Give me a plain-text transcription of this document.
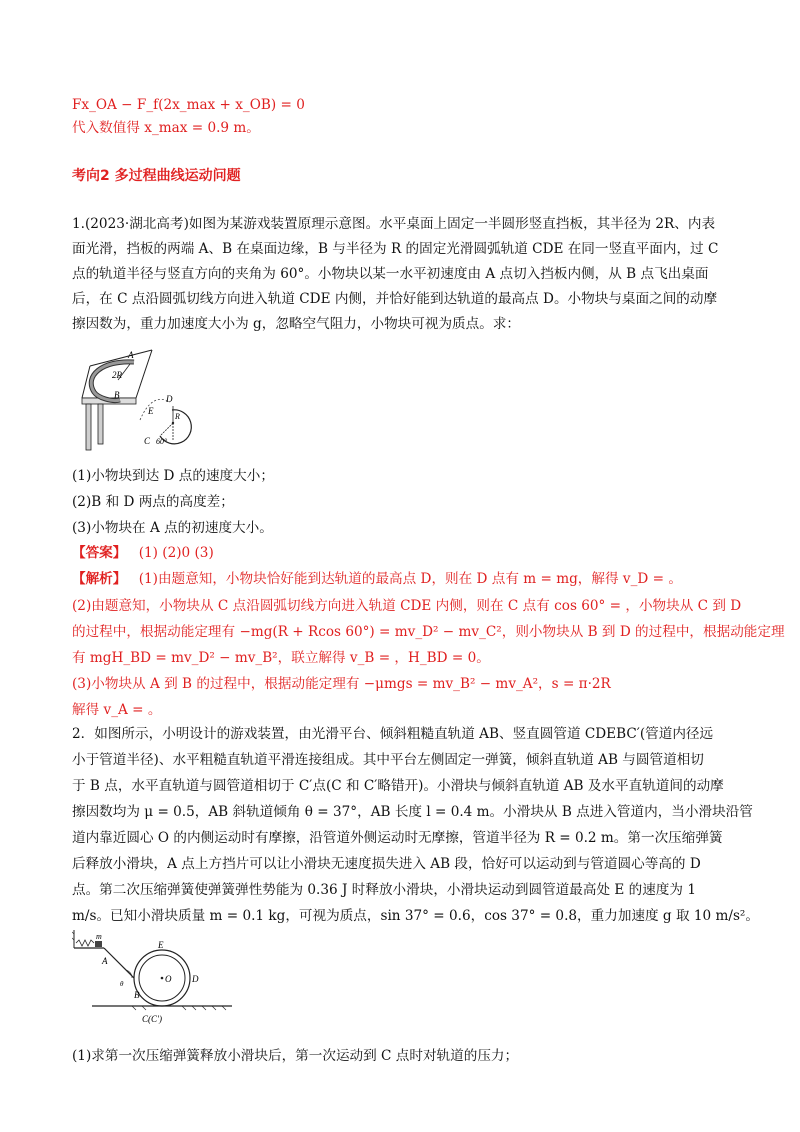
Fx_OA − F_f(2x_max + x_OB) = 0
代入数值得 x_max = 0.9 m。
考向2 多过程曲线运动问题
1.(2023·湖北高考)如图为某游戏装置原理示意图。水平桌面上固定一半圆形竖直挡板，其半径为 2R、内表
面光滑，挡板的两端 A、B 在桌面边缘，B 与半径为 R 的固定光滑圆弧轨道 CDE 在同一竖直平面内，过 C
点的轨道半径与竖直方向的夹角为 60°。小物块以某一水平初速度由 A 点切入挡板内侧，从 B 点飞出桌面
后，在 C 点沿圆弧切线方向进入轨道 CDE 内侧，并恰好能到达轨道的最高点 D。小物块与桌面之间的动摩
擦因数为，重力加速度大小为 g，忽略空气阻力，小物块可视为质点。求：
A
2R
B	D
E
R
C 60°
(1)小物块到达 D 点的速度大小；
(2)B 和 D 两点的高度差；
(3)小物块在 A 点的初速度大小。
【答案】 (1) (2)0 (3)
【解析】 (1)由题意知，小物块恰好能到达轨道的最高点 D，则在 D 点有 m = mg，解得 v_D = 。
(2)由题意知，小物块从 C 点沿圆弧切线方向进入轨道 CDE 内侧，则在 C 点有 cos 60° = ，小物块从 C 到 D
的过程中，根据动能定理有 −mg(R + Rcos 60°) = mv_D² − mv_C²，则小物块从 B 到 D 的过程中，根据动能定理
有 mgH_BD = mv_D² − mv_B²，联立解得 v_B = ，H_BD = 0。
(3)小物块从 A 到 B 的过程中，根据动能定理有 −μmgs = mv_B² − mv_A²，s = π·2R
解得 v_A = 。
2．如图所示，小明设计的游戏装置，由光滑平台、倾斜粗糙直轨道 AB、竖直圆管道 CDEBC′(管道内径远
小于管道半径)、水平粗糙直轨道平滑连接组成。其中平台左侧固定一弹簧，倾斜直轨道 AB 与圆管道相切
于 B 点，水平直轨道与圆管道相切于 C′点(C 和 C′略错开)。小滑块与倾斜直轨道 AB 及水平直轨道间的动摩
擦因数均为 μ = 0.5，AB 斜轨道倾角 θ = 37°，AB 长度 l = 0.4 m。小滑块从 B 点进入管道内，当小滑块沿管
道内靠近圆心 O 的内侧运动时有摩擦，沿管道外侧运动时无摩擦，管道半径为 R = 0.2 m。第一次压缩弹簧
后释放小滑块，A 点上方挡片可以让小滑块无速度损失进入 AB 段，恰好可以运动到与管道圆心等高的 D
点。第二次压缩弹簧使弹簧弹性势能为 0.36 J 时释放小滑块，小滑块运动到圆管道最高处 E 的速度为 1
m/s。已知小滑块质量 m = 0.1 kg，可视为质点，sin 37° = 0.6，cos 37° = 0.8，重力加速度 g 取 10 m/s²。
m
A
θ
B
E
O D
C(C′)
(1)求第一次压缩弹簧释放小滑块后，第一次运动到 C 点时对轨道的压力；
